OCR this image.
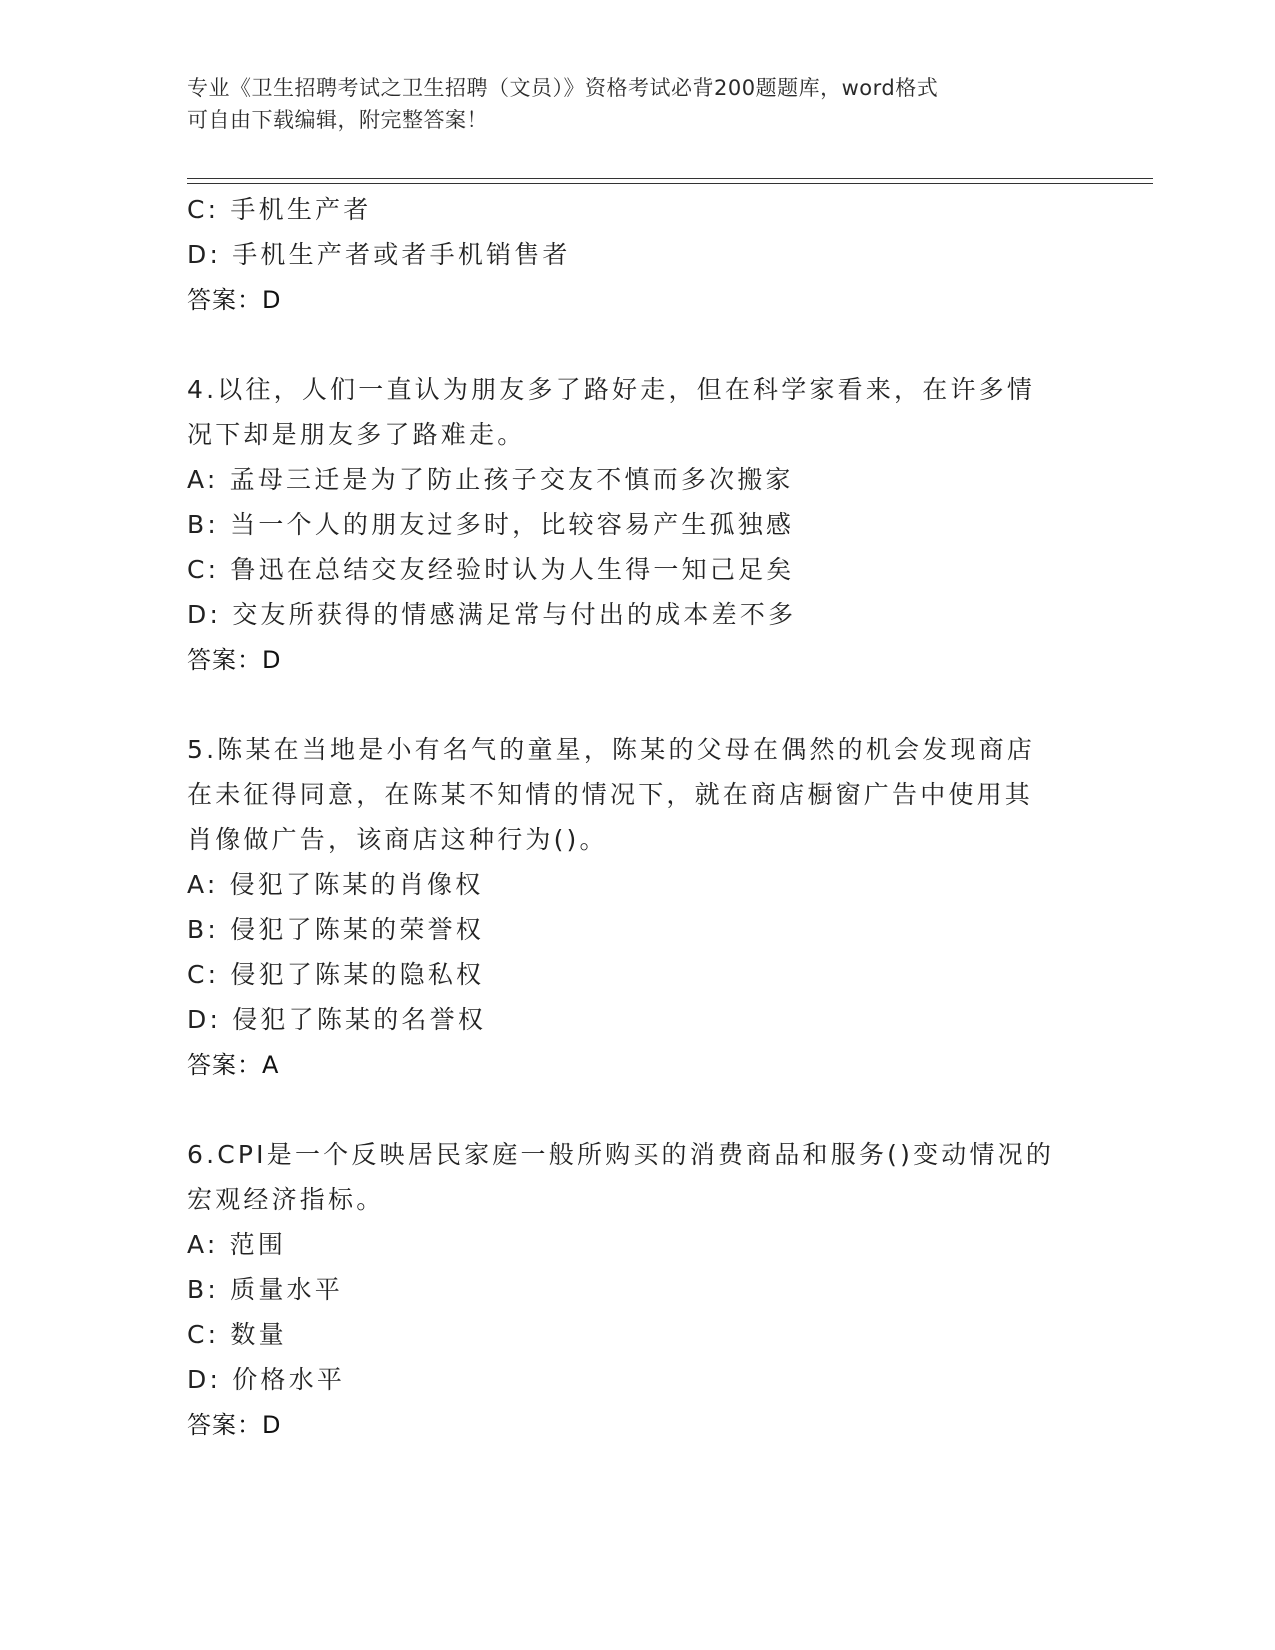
专业《卫生招聘考试之卫生招聘（文员）》资格考试必背200题题库，word格式
可自由下载编辑，附完整答案！
C: 手机生产者
D: 手机生产者或者手机销售者
答案：D
4.以往，人们一直认为朋友多了路好走，但在科学家看来，在许多情
况下却是朋友多了路难走。
A: 孟母三迁是为了防止孩子交友不慎而多次搬家
B: 当一个人的朋友过多时，比较容易产生孤独感
C: 鲁迅在总结交友经验时认为人生得一知己足矣
D: 交友所获得的情感满足常与付出的成本差不多
答案：D
5.陈某在当地是小有名气的童星，陈某的父母在偶然的机会发现商店
在未征得同意，在陈某不知情的情况下，就在商店橱窗广告中使用其
肖像做广告，该商店这种行为()。
A: 侵犯了陈某的肖像权
B: 侵犯了陈某的荣誉权
C: 侵犯了陈某的隐私权
D: 侵犯了陈某的名誉权
答案：A
6.CPI是一个反映居民家庭一般所购买的消费商品和服务()变动情况的
宏观经济指标。
A: 范围
B: 质量水平
C: 数量
D: 价格水平
答案：D
